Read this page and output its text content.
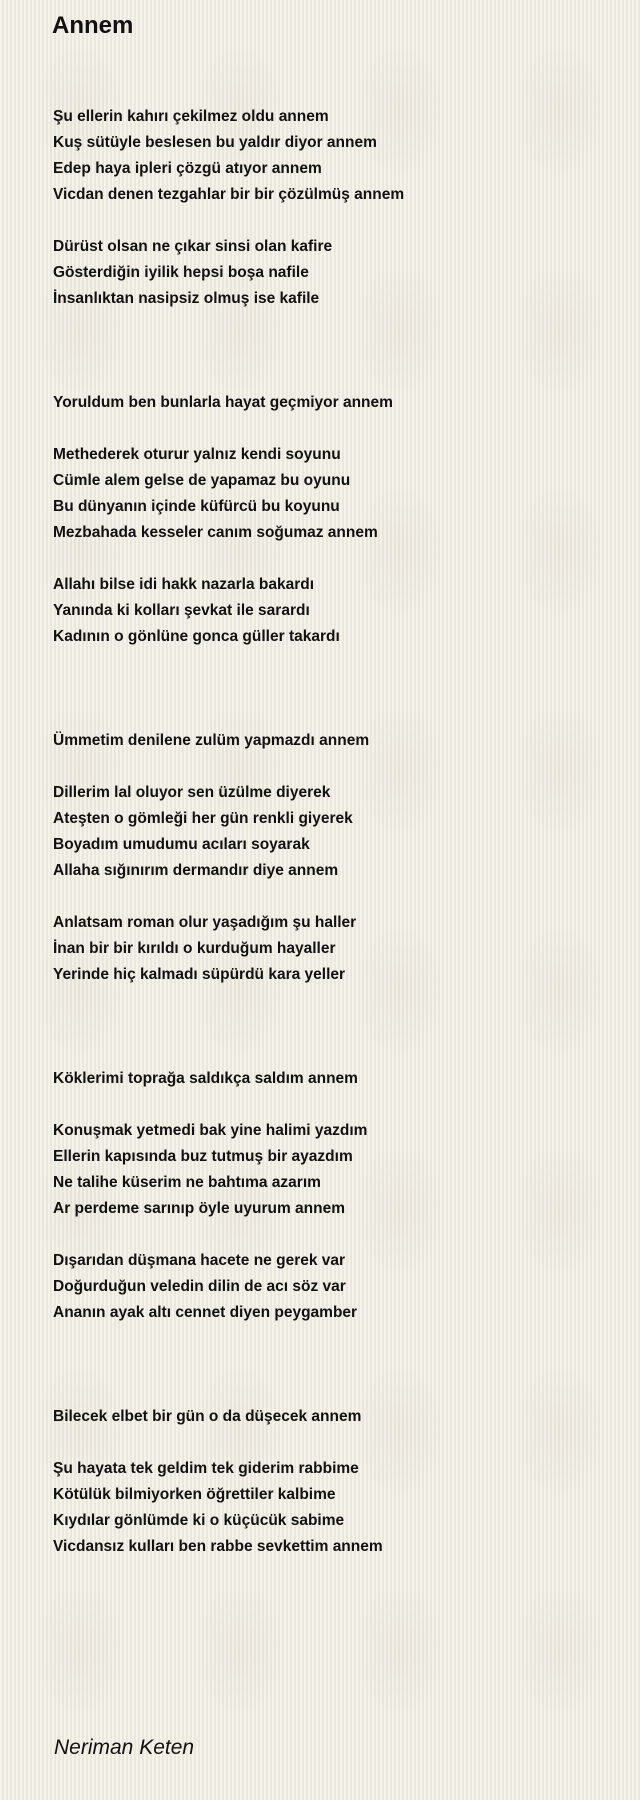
Annem
Şu ellerin kahırı çekilmez oldu annem
Kuş sütüyle beslesen bu yaldır diyor annem
Edep haya ipleri çözgü atıyor annem
Vicdan denen tezgahlar bir bir çözülmüş annem
Dürüst olsan ne çıkar sinsi olan kafire
Gösterdiğin iyilik hepsi boşa nafile
İnsanlıktan nasipsiz olmuş ise kafile
Yoruldum ben bunlarla hayat geçmiyor annem
Methederek oturur yalnız kendi soyunu
Cümle alem gelse de yapamaz bu oyunu
Bu dünyanın içinde küfürcü bu koyunu
Mezbahada kesseler canım soğumaz annem
Allahı bilse idi hakk nazarla bakardı
Yanında ki kolları şevkat ile sarardı
Kadının o gönlüne gonca güller takardı
Ümmetim denilene zulüm yapmazdı annem
Dillerim lal oluyor sen üzülme diyerek
Ateşten o gömleği her gün renkli giyerek
Boyadım umudumu acıları soyarak
Allaha sığınırım dermandır diye annem
Anlatsam roman olur yaşadığım şu haller
İnan bir bir kırıldı o kurduğum hayaller
Yerinde hiç kalmadı süpürdü kara yeller
Köklerimi toprağa saldıkça saldım annem
Konuşmak yetmedi bak yine halimi yazdım
Ellerin kapısında buz tutmuş bir ayazdım
Ne talihe küserim ne bahtıma azarım
Ar perdeme sarınıp öyle uyurum annem
Dışarıdan düşmana hacete ne gerek var
Doğurduğun veledin dilin de acı söz var
Ananın ayak altı cennet diyen peygamber
Bilecek elbet bir gün o da düşecek annem
Şu hayata tek geldim tek giderim rabbime
Kötülük bilmiyorken öğrettiler kalbime
Kıydılar gönlümde ki o küçücük sabime
Vicdansız kulları ben rabbe sevkettim annem
Neriman Keten
